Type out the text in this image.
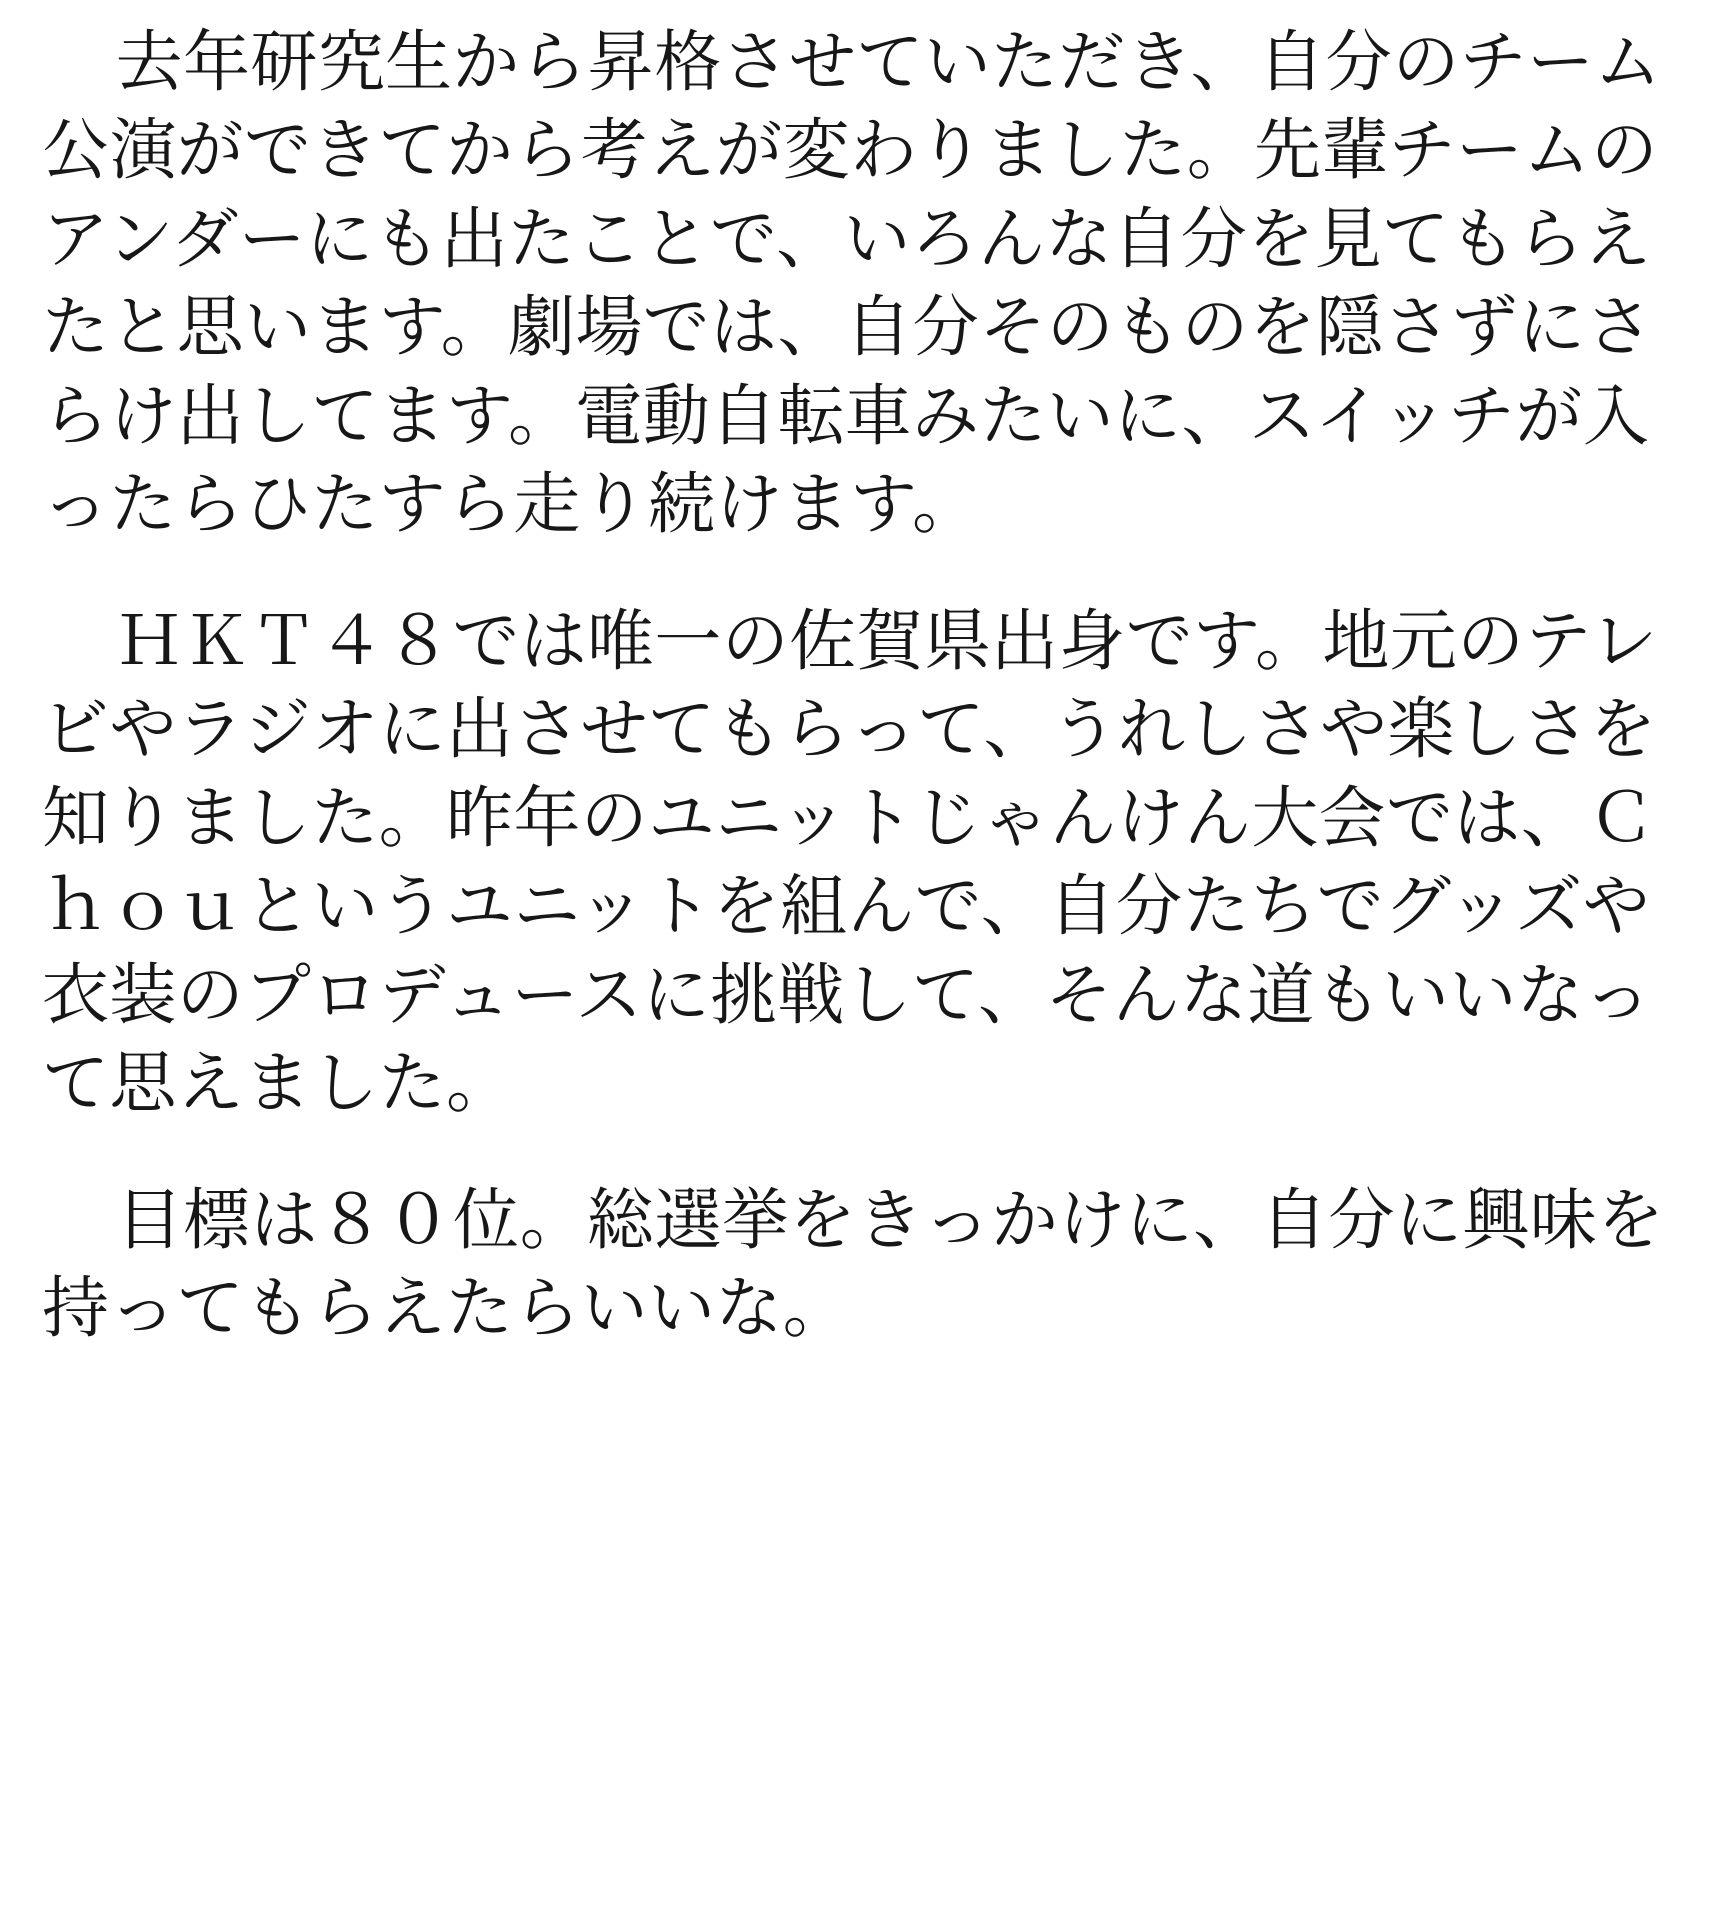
去年研究生から昇格させていただき、自分のチーム公演ができてから考えが変わりました。先輩チームのアンダーにも出たことで、いろんな自分を見てもらえたと思います。劇場では、自分そのものを隠さずにさらけ出してます。電動自転車みたいに、スイッチが入ったらひたすら走り続けます。

ＨＫＴ４８では唯一の佐賀県出身です。地元のテレビやラジオに出させてもらって、うれしさや楽しさを知りました。昨年のユニットじゃんけん大会では、Ｃｈｏｕというユニットを組んで、自分たちでグッズや衣装のプロデュースに挑戦して、そんな道もいいなって思えました。

目標は８０位。総選挙をきっかけに、自分に興味を持ってもらえたらいいな。
